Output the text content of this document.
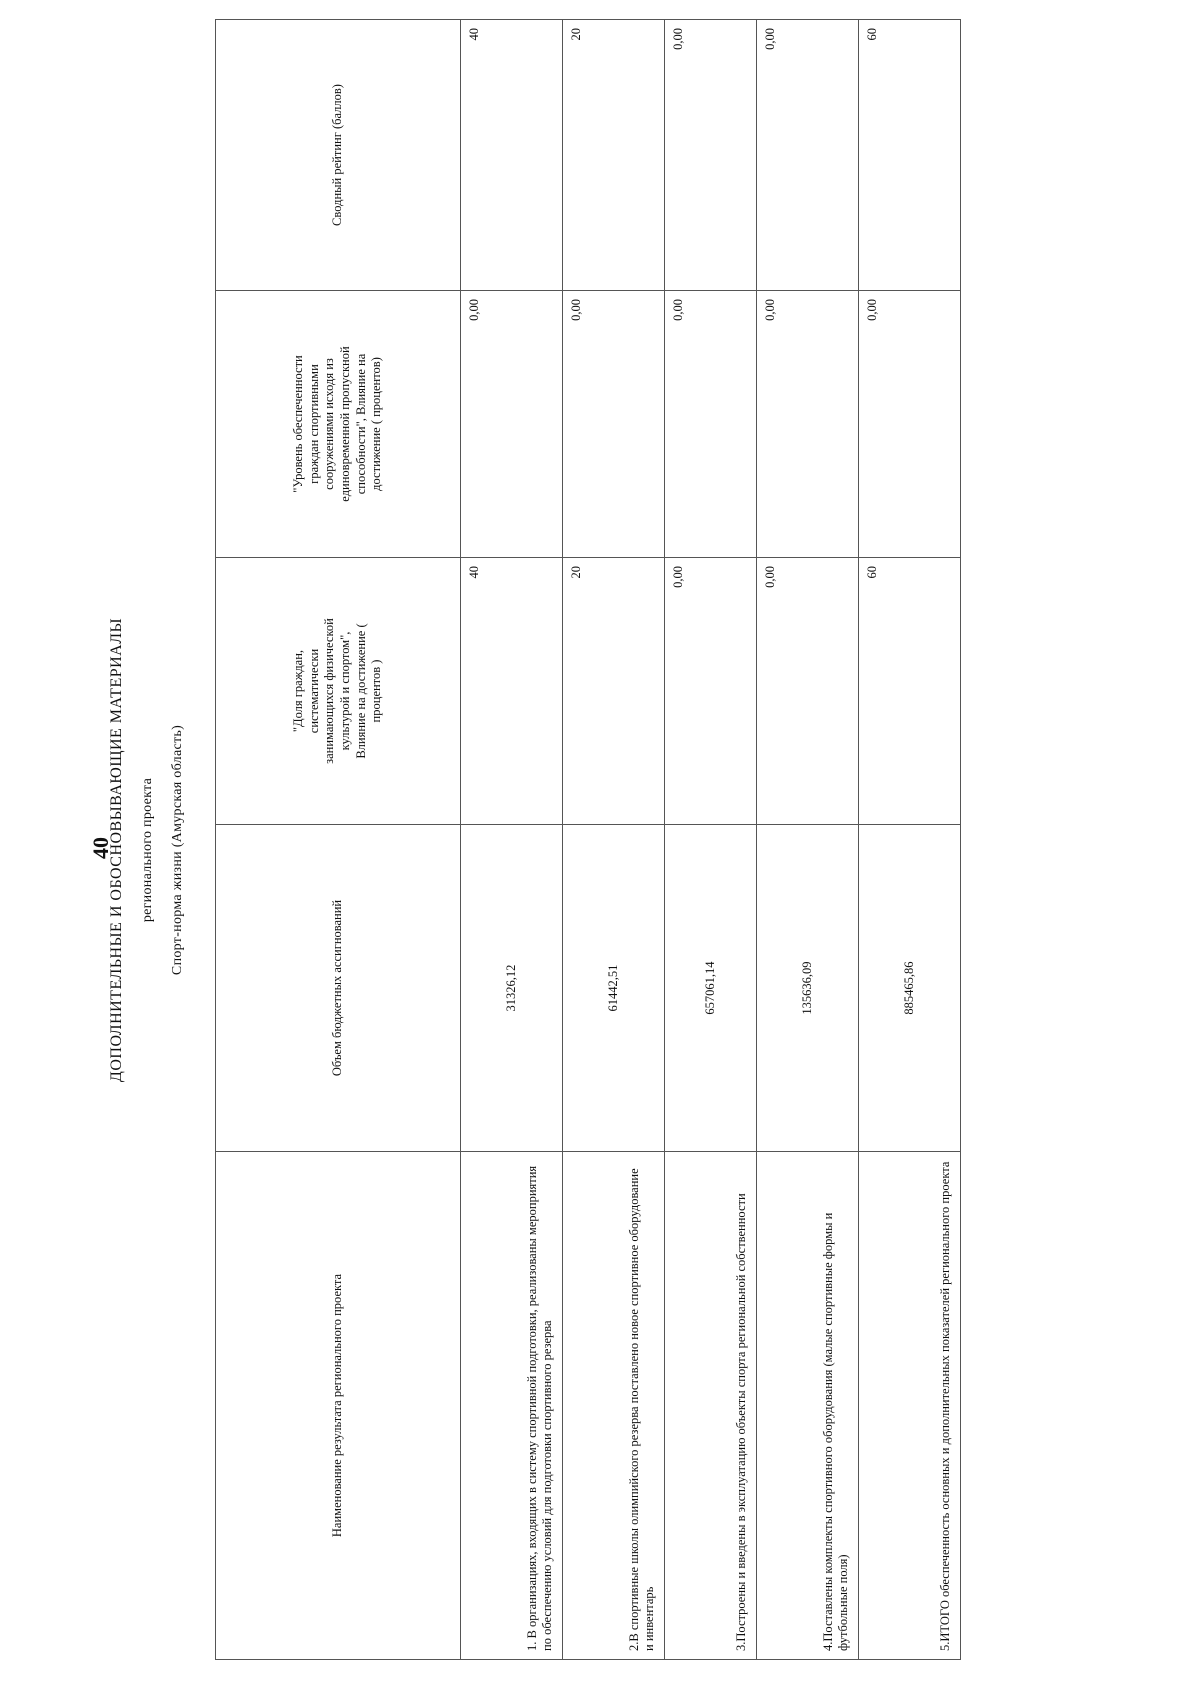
40
ДОПОЛНИТЕЛЬНЫЕ И ОБОСНОВЫВАЮЩИЕ МАТЕРИАЛЫ регионального проекта Спорт-норма жизни (Амурская область)
Наименование результата регионального проекта	Объем бюджетных ассигнований	"Доля граждан, систематически занимающихся физической культурой и спортом", Влияние на достижение ( процентов )	"Уровень обеспеченности граждан спортивными сооружениями исходя из единовременной пропускной способности", Влияние на достижение ( процентов)	Сводный рейтинг (баллов)
1. В организациях, входящих в систему спортивной подготовки, реализованы мероприятия по обеспечению условий для подготовки спортивного резерва	31326,12	40	0,00	40
2.В спортивные школы олимпийского резерва поставлено новое спортивное оборудование и инвентарь	61442,51	20	0,00	20
3.Построены и введены в эксплуатацию объекты спорта региональной собственности	657061,14	0,00	0,00	0,00
4.Поставлены комплекты спортивного оборудования (малые спортивные формы и футбольные поля)	135636,09	0,00	0,00	0,00
5.ИТОГО обеспеченность основных и дополнительных показателей регионального проекта	885465,86	60	0,00	60
